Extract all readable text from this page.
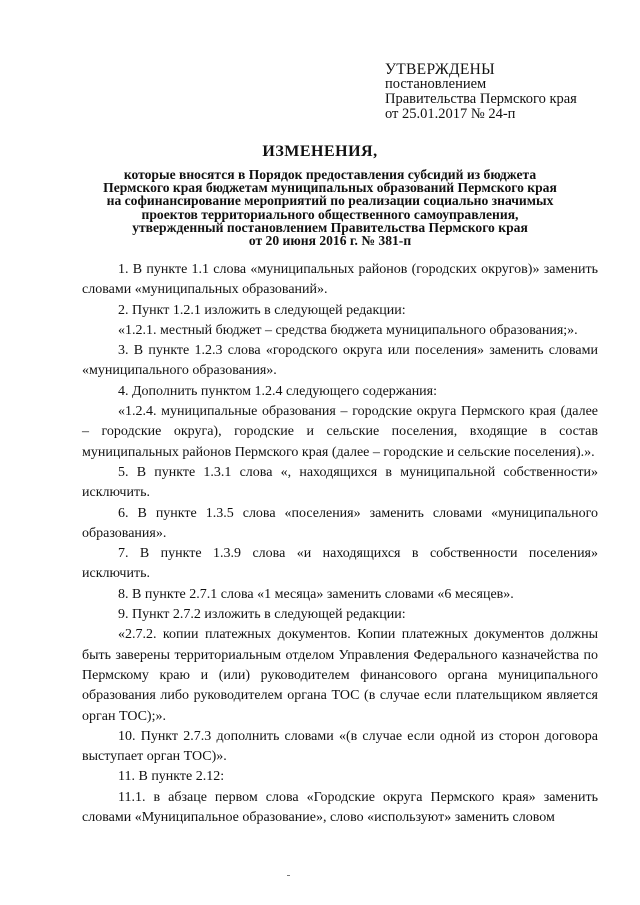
УТВЕРЖДЕНЫ
постановлением
Правительства Пермского края
от 25.01.2017 № 24-п
ИЗМЕНЕНИЯ,
которые вносятся в Порядок предоставления субсидий из бюджета
Пермского края бюджетам муниципальных образований Пермского края
на софинансирование мероприятий по реализации социально значимых
проектов территориального общественного самоуправления,
утвержденный постановлением Правительства Пермского края
от 20 июня 2016 г. № 381-п

1. В пункте 1.1 слова «муниципальных районов (городских округов)» заменить словами «муниципальных образований».

2. Пункт 1.2.1 изложить в следующей редакции:

«1.2.1. местный бюджет – средства бюджета муниципального образования;».

3. В пункте 1.2.3 слова «городского округа или поселения» заменить словами «муниципального образования».

4. Дополнить пунктом 1.2.4 следующего содержания:

«1.2.4. муниципальные образования – городские округа Пермского края (далее – городские округа), городские и сельские поселения, входящие в состав муниципальных районов Пермского края (далее – городские и сельские поселения).».

5. В пункте 1.3.1 слова «, находящихся в муниципальной собственности» исключить.

6. В пункте 1.3.5 слова «поселения» заменить словами «муниципального образования».

7. В пункте 1.3.9 слова «и находящихся в собственности поселения» исключить.

8. В пункте 2.7.1 слова «1 месяца» заменить словами «6 месяцев».

9. Пункт 2.7.2 изложить в следующей редакции:

«2.7.2. копии платежных документов. Копии платежных документов должны быть заверены территориальным отделом Управления Федерального казначейства по Пермскому краю и (или) руководителем финансового органа муниципального образования либо руководителем органа ТОС (в случае если плательщиком является орган ТОС);».

10. Пункт 2.7.3 дополнить словами «(в случае если одной из сторон договора выступает орган ТОС)».

11. В пункте 2.12:

11.1. в абзаце первом слова «Городские округа Пермского края» заменить словами «Муниципальное образование», слово «используют» заменить словом
